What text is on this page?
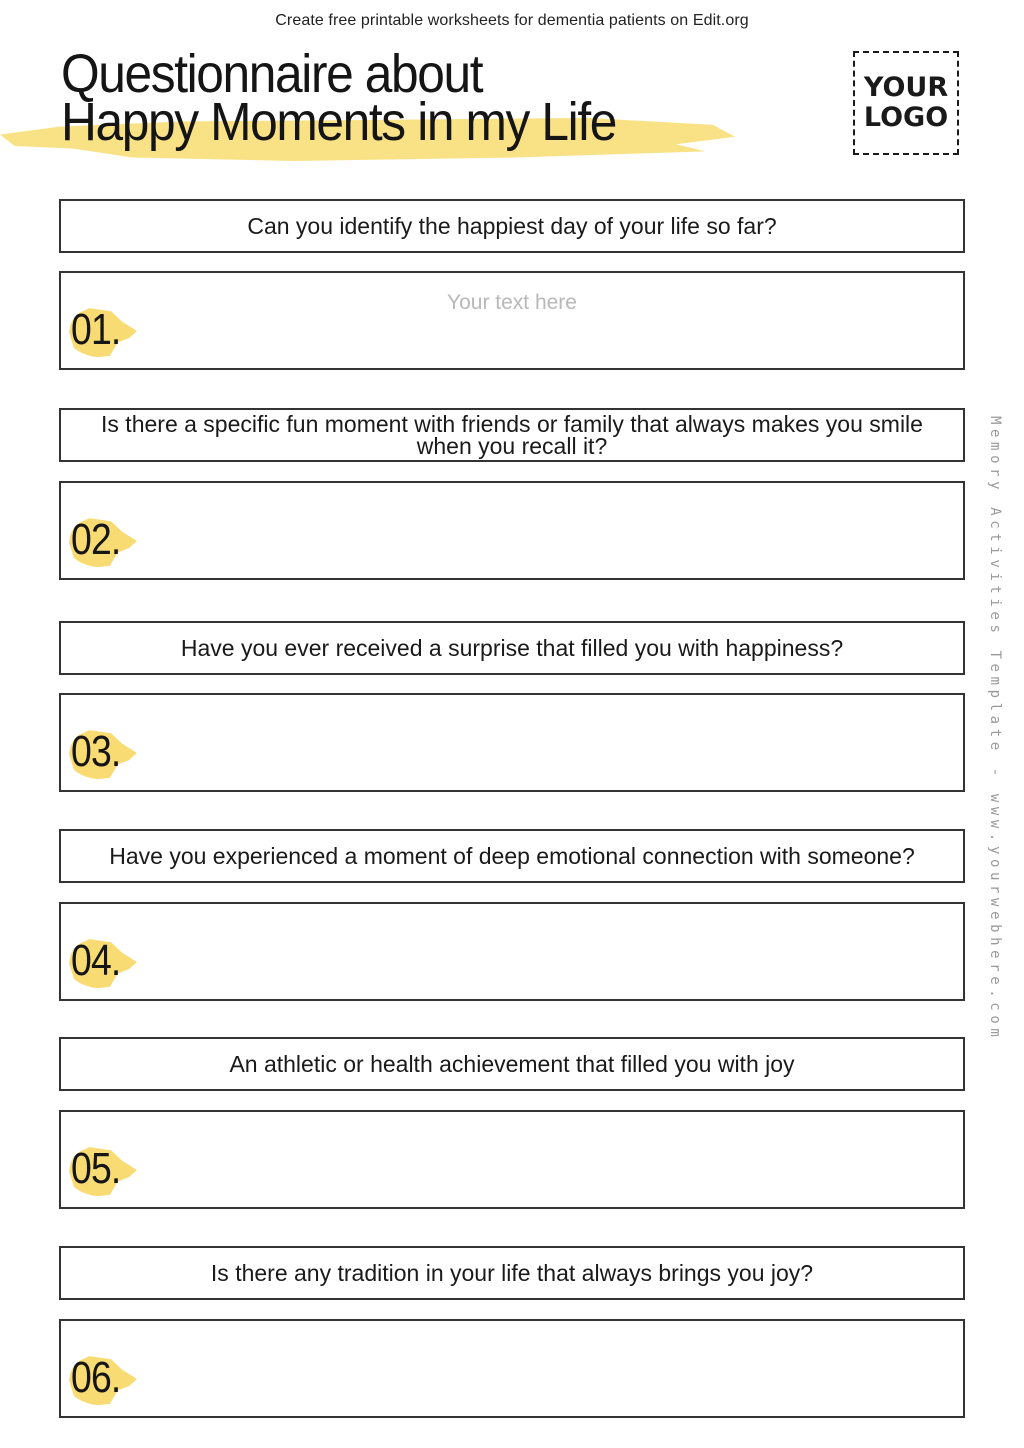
Create free printable worksheets for dementia patients on Edit.org
Questionnaire about
Happy Moments in my Life
YOUR
LOGO
Memory Activities Template - www.yourwebhere.com
Can you identify the happiest day of your life so far?
Your text here
01.
Is there a specific fun moment with friends or family that always makes you smile when you recall it?
02.
Have you ever received a surprise that filled you with happiness?
03.
Have you experienced a moment of deep emotional connection with someone?
04.
An athletic or health achievement that filled you with joy
05.
Is there any tradition in your life that always brings you joy?
06.
